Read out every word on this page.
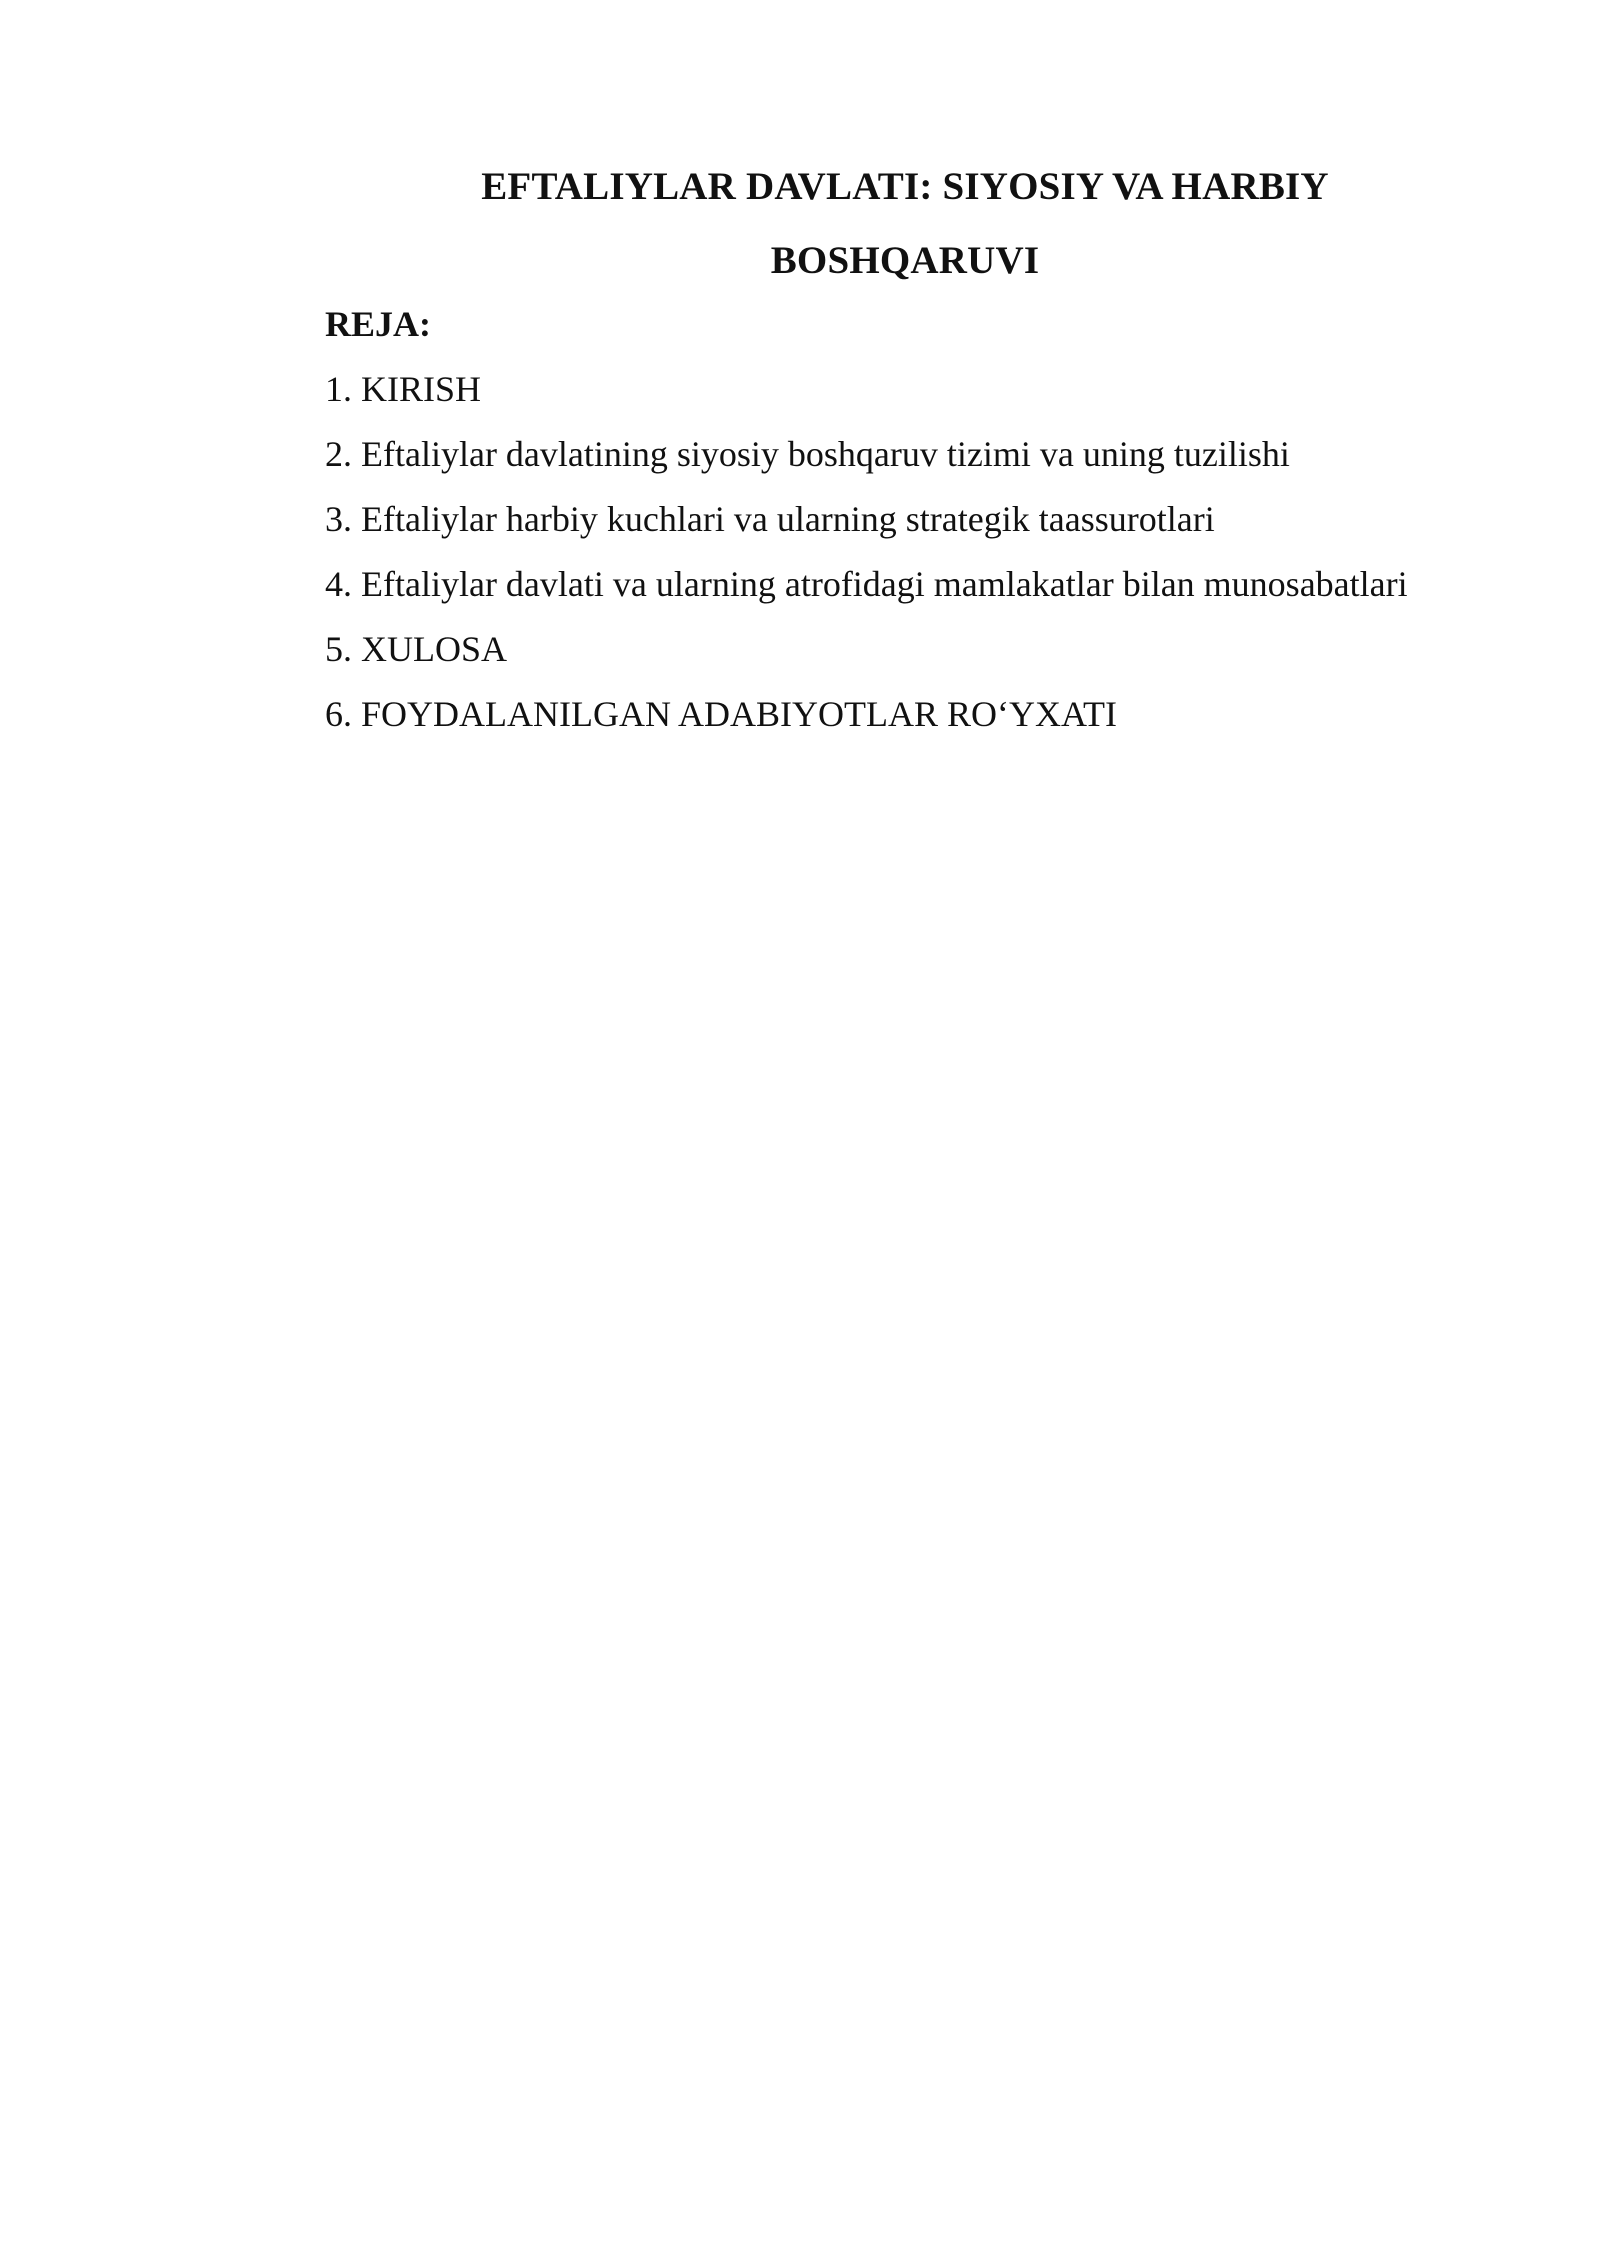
EFTALIYLAR DAVLATI: SIYOSIY VA HARBIY
BOSHQARUVI

REJA:

1. KIRISH
2. Eftaliylar davlatining siyosiy boshqaruv tizimi va uning tuzilishi
3. Eftaliylar harbiy kuchlari va ularning strategik taassurotlari
4. Eftaliylar davlati va ularning atrofidagi mamlakatlar bilan munosabatlari
5. XULOSA
6. FOYDALANILGAN ADABIYOTLAR RO‘YXATI
